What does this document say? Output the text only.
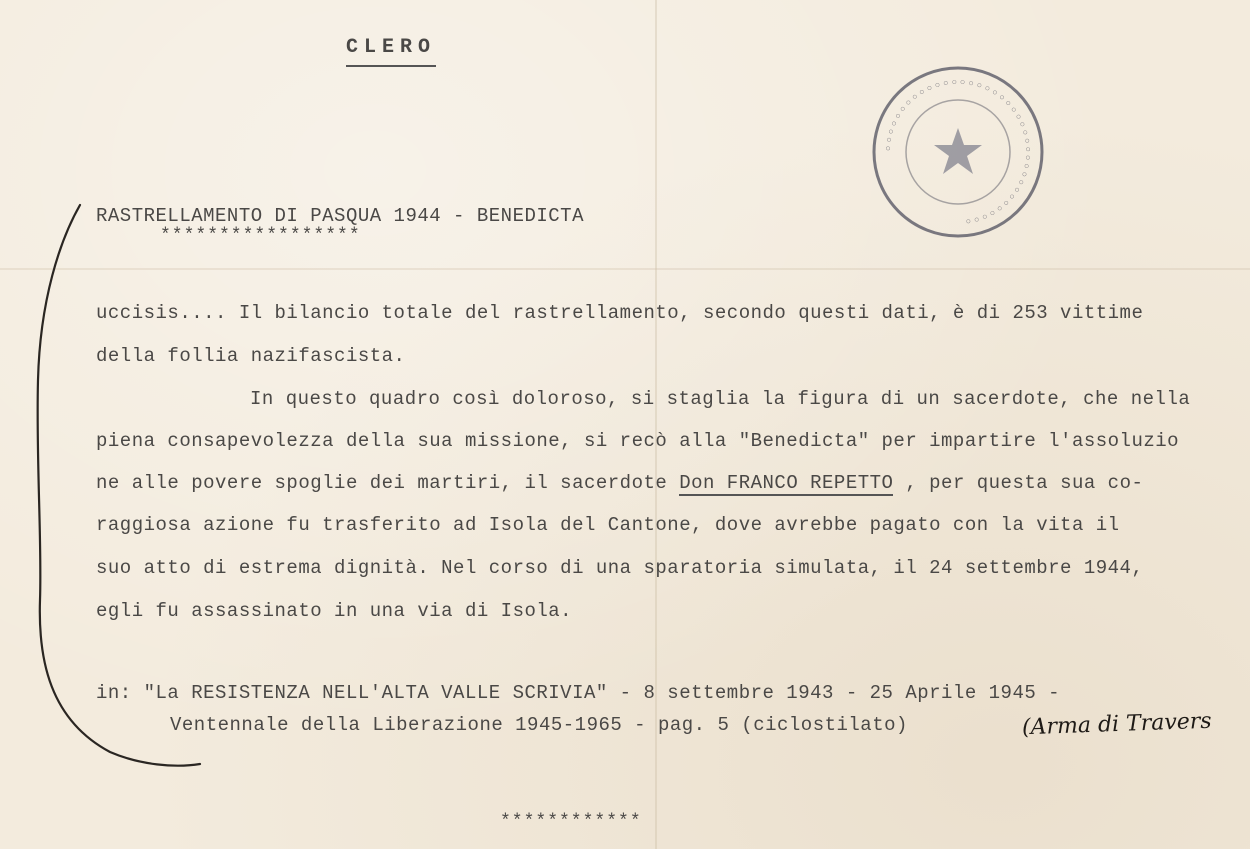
CLERO
◦◦◦◦◦◦◦◦◦◦◦◦◦◦◦◦◦◦◦◦◦◦◦◦◦◦◦◦◦◦◦◦◦◦◦◦◦◦
RASTRELLAMENTO DI PASQUA 1944 - BENEDICTA
*****************
uccisis.... Il bilancio totale del rastrellamento, secondo questi dati, è di 253 vittime
della follia nazifascista.
In questo quadro così doloroso, si staglia la figura di un sacerdote, che nella
piena consapevolezza della sua missione, si recò alla "Benedicta" per impartire l'assoluzio
ne alle povere spoglie dei martiri, il sacerdote Don FRANCO REPETTO , per questa sua co-
raggiosa azione fu trasferito ad Isola del Cantone, dove avrebbe pagato con la vita il
suo atto di estrema dignità. Nel corso di una sparatoria simulata, il 24 settembre 1944,
egli fu assassinato in una via di Isola.
in: "La RESISTENZA NELL'ALTA VALLE SCRIVIA" - 8 settembre 1943 - 25 Aprile 1945 -
Ventennale della Liberazione 1945-1965 - pag. 5 (ciclostilato)	(Arma di Travers
************
